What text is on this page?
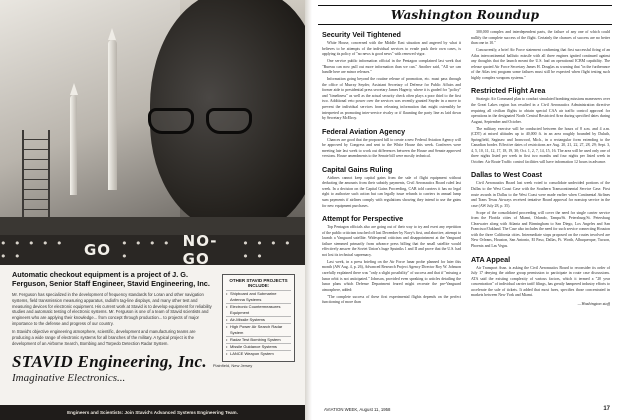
• • • • • • •	GO • • • • •
NO-GO
• • • • • •
Automatic checkout equipment is a project of J. G. Ferguson, Senior Staff Engineer, Stavid Engineering, Inc.

Mr. Ferguson has specialized in the development of frequency standards for Loran and other navigation systems, field transmission measuring apparatus, radiofm tag-line displays, and many other test and measuring devices for electronic equipment. His current work at Stavid is to develop equipment for reliability studies and automatic testing of electronic systems. Mr. Ferguson is one of a team of Stavid scientists and engineers who are applying their knowledge... from concept through production... to projects of major importance to the defense and progress of our country.

In Stavid's objective engineering atmosphere, scientific, development and manufacturing teams are producing a wide range of electronic systems for all branches of the military. A typical project is the development of an Airborne Search, Bombing and Torpedo Detection Radar System.

OTHER STAVID PROJECTS INCLUDE:
• Shipboard and Submarine Antenna Systems
• Electronic Countermeasures Equipment
• Air-Missile Systems
• High Power Air Search Radar System
• Radar Test Bombing System
• Missile Guidance Systems
• LANCE Weapon System
STAVID Engineering, Inc. Plainfield, New Jersey
Imaginative Electronics...
Engineers and Scientists: Join Stavid's Advanced Systems Engineering Team.
Washington Roundup
Security Veil Tightened

White House, concerned with the Middle East situation and angered by what it believes to be attempts of the individual services to evade pack their own cases, is applying its policy of "no news is good news" with renewed vigor.

One service public information official in the Pentagon complained last week that "Bureau can now pull out more information than we can." Another said, "All we can handle here are minor releases."

Information going beyond the routine release of promotion, etc. must pass through the office of Murray Snyder, Assistant Secretary of Defense for Public Affairs and former aide to presidential press secretary James Hagerty, where it is graded for "policy" and "timeliness" as well as the actual security check often plays a poor third to the first two. Additional veto power over the services was recently granted Snyder in a move to prevent the individual services from releasing information that might ostensibly be interpreted as promoting inter-service rivalry or if flaunting the party line as laid down by Secretary McElroy.

Federal Aviation Agency

Chances are good that the proposed bill to create a new Federal Aviation Agency will be approved by Congress and sent to the White House this week. Conferees were meeting late last week to work out differences between the House and Senate approved versions. House amendments to the Senate bill were mostly technical.

Capital Gains Ruling

Airlines cannot keep capital gains from the sale of flight equipment without deducting the amounts from their subsidy payments, Civil Aeronautics Board ruled last week. In a decision on the Capital Gains Proceeding, CAB told carriers it has no legal right to authorize such action but can legally issue refunds to carriers in annual lump sum payments if airlines comply with regulations showing they intend to use the gains for new equipment purchases.

Attempt for Perspective

Top Pentagon officials also are going out of their way to try and exert any repetition of the public criticism touched off last December by Navy's first, and abortive, attempt to launch a Vanguard satellite. Widespread criticism and disappointment at the Vanguard failure stemmed primarily from advance press billing that the small satellite would effectively answer the Soviet Union's huge Sputniks 1 and II and prove that the U.S. had not lost its technical supremacy.

Last week, in a press briefing on the Air Force lunar probe planned for later this month (AW Aug. 4, p. 26), Advanced Research Project Agency Director Roy W. Johnson carefully explained there was "only a slight possibility" of success and that if "missing a lunar orbit is not anticipated." Johnson, provided even speaking to articles detailing the lunar plans which Defense Department feared might recreate the pre-Vanguard atmosphere, added:

"The complete success of these first experimental flights depends on the perfect functioning of more than

300,000 complex and interdependent parts, the failure of any one of which could nullify the complete success of the flight. Certainly the chances of success are no better than one in 10."

Concurrently, a brief Air Force statement confirming that first successful firing of an Atlas intercontinental ballistic missile with all three engines ignited continued against any thoughts that the launch meant the U.S. had an operational ICBM capability. The release quoted Air Force Secretary James H. Douglas as warning that "in the furtherance of the Atlas test program some failures must still be expected when flight testing such highly complex weapons systems."

Restricted Flight Area

Strategic Air Command plan to conduct simulated bombing missions maneuvers over the Great Lakes region has resulted in a Civil Aeronautics Administration directive requiring all civilian flights to obtain special CAA air traffic control approval for operations in the designated North Central Restricted Area during specified dates during August, September and October.

The military exercise will be conducted between the hours of 8 a.m. and 4 a.m. (CDT) at mixed altitudes up to 40,000 ft. in an area roughly bounded by Duluth, Springfield, Saginaw and Ironwood, Mich., in a rectangular form extending to the Canadian border. Effective dates of restrictions are Aug. 20, 21, 22, 27, 28, 29; Sept. 3, 4, 5, 10, 11, 12, 17, 18, 19, 30; Oct. 1, 2, 7, 14, 15, 16. The area will be used only one of three nights listed per week in first two months and four nights per listed week in October. Air Route Traffic control facilities will have information 12 hours in advance.

Dallas to West Coast

Civil Aeronautics Board last week voted to consolidate undecided portions of the Dallas to the West Coast Case with the Southern Transcontinental Service Case. First route awards in Dallas to the West Coast were made earlier when Continental Airlines and Trans Texas Airways received tentative Board approval for nonstop service in the case (AW July 28, p. 35).

Scope of the consolidated proceeding will cover the need for single carrier service from the Florida cities of Miami, Orlando, Tampa/St. Petersburg/St. Petersburg Clearwater along with Atlanta and Birmingham to San Diego, Los Angeles and San Francisco/Oakland. The Case also includes the need for such service connecting Houston with the three California cities. Intermediate stops proposed on the routes involved are New Orleans, Houston, San Antonio, El Paso, Dallas, Ft. Worth, Albuquerque, Tucson, Phoenix and Las Vegas.

ATA Appeal

Air Transport Assn. is asking the Civil Aeronautics Board to reconsider its order of July 17 denying the airline group permission to participate in route case discussions. ATA said the existing complexity of various factors, which it termed a "20 year concentration" of individual carrier tariff filings, has greatly hampered industry efforts to accelerate the sale of tickets. It added that most fares, specifies those concentrated in markets between New York and Miami.

—Washington staff
AVIATION WEEK, August 11, 1958	17
